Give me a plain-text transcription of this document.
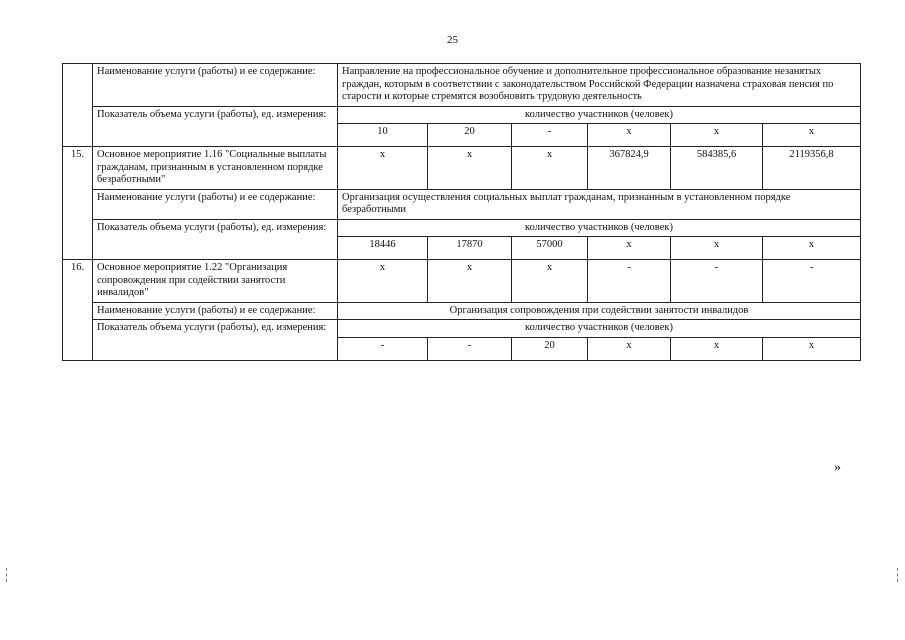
25
	Наименование услуги (работы) и ее содержание:	Направление на профессиональное обучение и дополнительное профессиональное образование незанятых граждан, которым в соответствии с законодательством Российской Федерации назначена страховая пенсия по старости и которые стремятся возобновить трудовую деятельность					
	Показатель объема услуги (работы), ед. измерения:	количество участников (человек)					
		10	20	-	х	х	х
15.	Основное мероприятие 1.16 "Социальные выплаты гражданам, признанным в установленном порядке безработными"	х	х	х	367824,9	584385,6	2119356,8
	Наименование услуги (работы) и ее содержание:	Организация осуществления социальных выплат гражданам, признанным в установленном порядке безработными					
	Показатель объема услуги (работы), ед. измерения:	количество участников (человек)					
		18446	17870	57000	х	х	х
16.	Основное мероприятие 1.22 "Организация сопровождения при содействии занятости инвалидов"	х	х	х	-	-	-
	Наименование услуги (работы) и ее содержание:	Организация сопровождения при содействии занятости инвалидов					
	Показатель объема услуги (работы), ед. измерения:	количество участников (человек)					
		-	-	20	х	х	х
»
